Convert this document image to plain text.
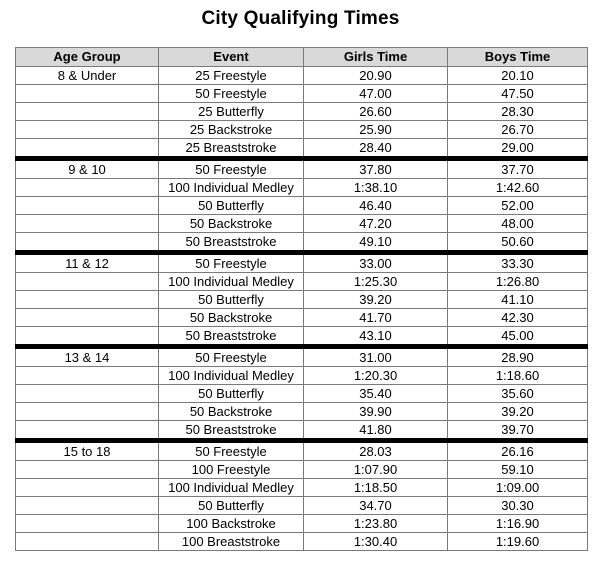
City Qualifying Times
Age Group	Event	Girls Time	Boys Time
8 & Under	25 Freestyle	20.90	20.10
	50 Freestyle	47.00	47.50
	25 Butterfly	26.60	28.30
	25 Backstroke	25.90	26.70
	25 Breaststroke	28.40	29.00
9 & 10	50 Freestyle	37.80	37.70
	100 Individual Medley	1:38.10	1:42.60
	50 Butterfly	46.40	52.00
	50 Backstroke	47.20	48.00
	50 Breaststroke	49.10	50.60
11 & 12	50 Freestyle	33.00	33.30
	100 Individual Medley	1:25.30	1:26.80
	50 Butterfly	39.20	41.10
	50 Backstroke	41.70	42.30
	50 Breaststroke	43.10	45.00
13 & 14	50 Freestyle	31.00	28.90
	100 Individual Medley	1:20.30	1:18.60
	50 Butterfly	35.40	35.60
	50 Backstroke	39.90	39.20
	50 Breaststroke	41.80	39.70
15 to 18	50 Freestyle	28.03	26.16
	100 Freestyle	1:07.90	59.10
	100 Individual Medley	1:18.50	1:09.00
	50 Butterfly	34.70	30.30
	100 Backstroke	1:23.80	1:16.90
	100 Breaststroke	1:30.40	1:19.60
